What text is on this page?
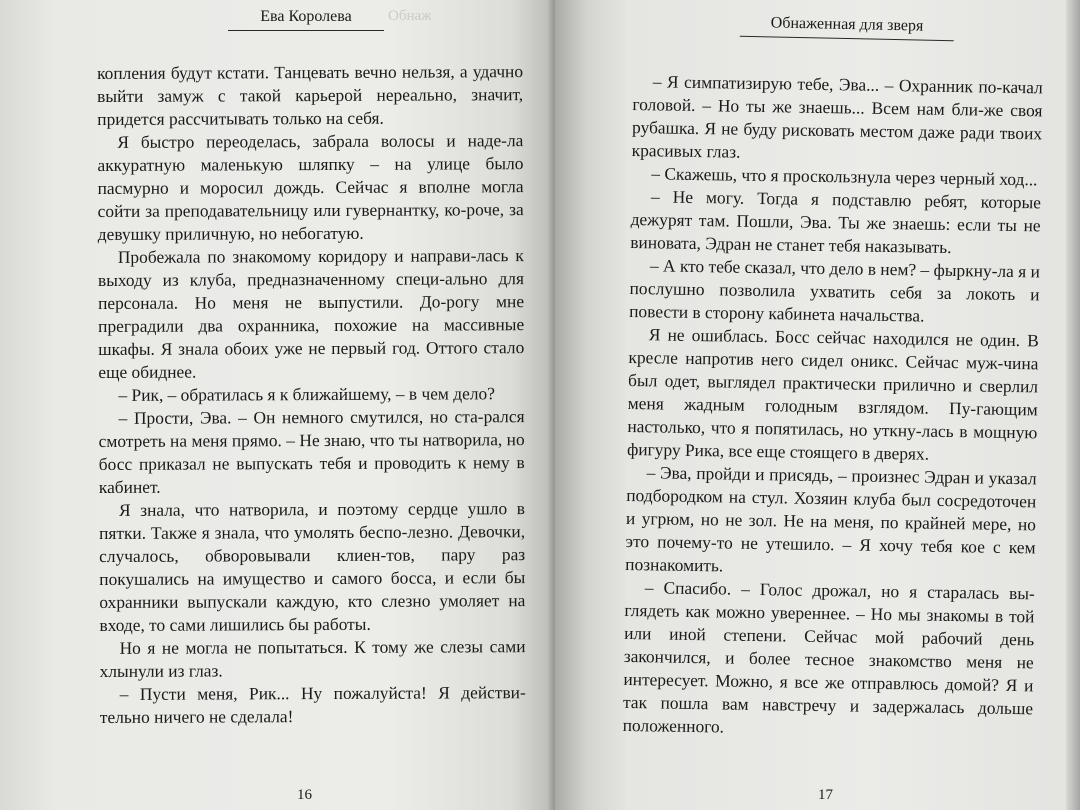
Ева Королева	Обнаж

копления будут кстати. Танцевать вечно нельзя, а удачно выйти замуж с такой карьерой нереально, значит, придется рассчитывать только на себя.

Я быстро переоделась, забрала волосы и наде-ла аккуратную маленькую шляпку – на улице было пасмурно и моросил дождь. Сейчас я вполне могла сойти за преподавательницу или гувернантку, ко-роче, за девушку приличную, но небогатую.

Пробежала по знакомому коридору и направи-лась к выходу из клуба, предназначенному специ-ально для персонала. Но меня не выпустили. До-рогу мне преградили два охранника, похожие на массивные шкафы. Я знала обоих уже не первый год. Оттого стало еще обиднее.

– Рик, – обратилась я к ближайшему, – в чем дело?

– Прости, Эва. – Он немного смутился, но ста-рался смотреть на меня прямо. – Не знаю, что ты натворила, но босс приказал не выпускать тебя и проводить к нему в кабинет.

Я знала, что натворила, и поэтому сердце ушло в пятки. Также я знала, что умолять беспо-лезно. Девочки, случалось, обворовывали клиен-тов, пару раз покушались на имущество и самого босса, и если бы охранники выпускали каждую, кто слезно умоляет на входе, то сами лишились бы работы.

Но я не могла не попытаться. К тому же слезы сами хлынули из глаз.

– Пусти меня, Рик... Ну пожалуйста! Я действи-тельно ничего не сделала!

16
Обнаженная для зверя

– Я симпатизирую тебе, Эва... – Охранник по-качал головой. – Но ты же знаешь... Всем нам бли-же своя рубашка. Я не буду рисковать местом даже ради твоих красивых глаз.

– Скажешь, что я проскользнула через черный ход...

– Не могу. Тогда я подставлю ребят, которые дежурят там. Пошли, Эва. Ты же знаешь: если ты не виновата, Эдран не станет тебя наказывать.

– А кто тебе сказал, что дело в нем? – фыркну-ла я и послушно позволила ухватить себя за локоть и повести в сторону кабинета начальства.

Я не ошиблась. Босс сейчас находился не один. В кресле напротив него сидел оникс. Сейчас муж-чина был одет, выглядел практически прилично и сверлил меня жадным голодным взглядом. Пу-гающим настолько, что я попятилась, но уткну-лась в мощную фигуру Рика, все еще стоящего в дверях.

– Эва, пройди и присядь, – произнес Эдран и указал подбородком на стул. Хозяин клуба был сосредоточен и угрюм, но не зол. Не на меня, по крайней мере, но это почему-то не утешило. – Я хочу тебя кое с кем познакомить.

– Спасибо. – Голос дрожал, но я старалась вы-глядеть как можно увереннее. – Но мы знакомы в той или иной степени. Сейчас мой рабочий день закончился, и более тесное знакомство меня не интересует. Можно, я все же отправлюсь домой? Я и так пошла вам навстречу и задержалась дольше положенного.

17
